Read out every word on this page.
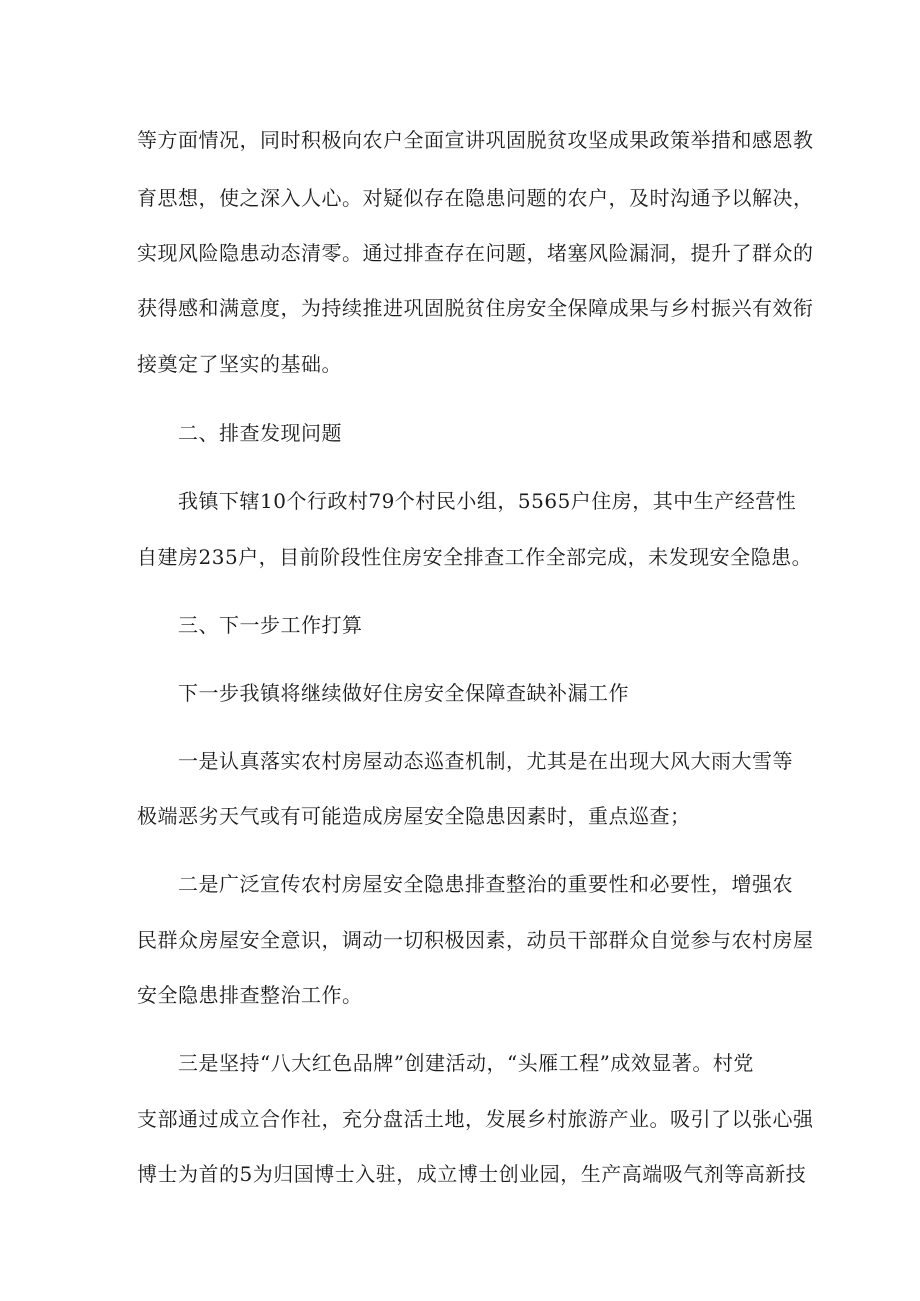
等方面情况，同时积极向农户全面宣讲巩固脱贫攻坚成果政策举措和感恩教
育思想，使之深入人心。对疑似存在隐患问题的农户，及时沟通予以解决，
实现风险隐患动态清零。通过排查存在问题，堵塞风险漏洞，提升了群众的
获得感和满意度，为持续推进巩固脱贫住房安全保障成果与乡村振兴有效衔
接奠定了坚实的基础。
二、排查发现问题
我镇下辖10个行政村79个村民小组，5565户住房，其中生产经营性
自建房235户，目前阶段性住房安全排查工作全部完成，未发现安全隐患。
三、下一步工作打算
下一步我镇将继续做好住房安全保障查缺补漏工作
一是认真落实农村房屋动态巡查机制，尤其是在出现大风大雨大雪等
极端恶劣天气或有可能造成房屋安全隐患因素时，重点巡查；
二是广泛宣传农村房屋安全隐患排查整治的重要性和必要性，增强农
民群众房屋安全意识，调动一切积极因素，动员干部群众自觉参与农村房屋
安全隐患排查整治工作。
三是坚持“八大红色品牌”创建活动，“头雁工程”成效显著。村党
支部通过成立合作社，充分盘活土地，发展乡村旅游产业。吸引了以张心强
博士为首的5为归国博士入驻，成立博士创业园，生产高端吸气剂等高新技
